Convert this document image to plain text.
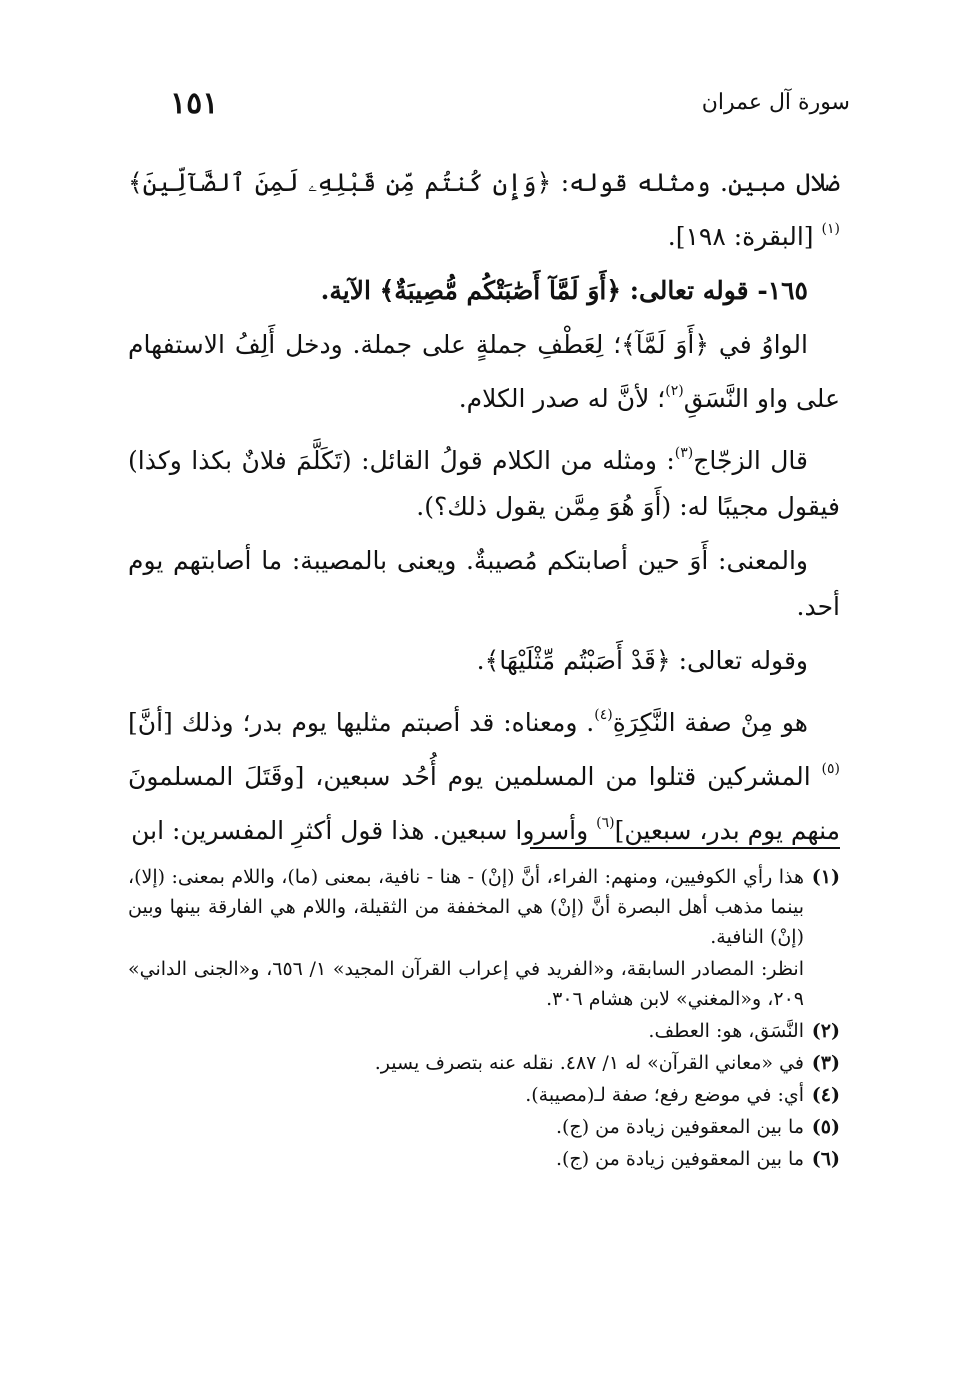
سورة آل عمران
١٥١

ضلال مبين. ومثله قوله: ﴿وَإِن كُنتُم مِّن قَبْلِهِۦ لَمِنَ ٱلضَّآلِّينَ﴾$^{(١)}$ [البقرة: ١٩٨].

١٦٥- قوله تعالى: ﴿أَوَ لَمَّآ أَصَٰبَتْكُم مُّصِيبَةٌ﴾ الآية.

الواوُ في ﴿أَوَ لَمَّآ﴾؛ لِعَطْفِ جملةٍ على جملة. ودخل أَلِفُ الاستفهام على واو النَّسَقِ$^{(٢)}$؛ لأنَّ له صدر الكلام.

قال الزجّاج$^{(٣)}$: ومثله من الكلام قولُ القائل: (تَكَلَّمَ فلانٌ بكذا وكذا) فيقول مجيبًا له: (أَوَ هُوَ مِمَّن يقول ذلك؟).

والمعنى: أَوَ حين أصابتكم مُصيبةٌ. ويعنى بالمصيبة: ما أصابتهم يوم أحد.

وقوله تعالى: ﴿قَدْ أَصَبْتُم مِّثْلَيْهَا﴾.

هو مِنْ صفة النَّكِرَةِ$^{(٤)}$. ومعناه: قد أصبتم مثليها يوم بدر؛ وذلك [أنَّ]$^{(٥)}$ المشركين قتلوا من المسلمين يوم أُحُد سبعين، [وقَتَلَ المسلمونَ منهم يوم بدر، سبعين]$^{(٦)}$ وأسروا سبعين. هذا قول أكثرِ المفسرين: ابن

(١)
هذا رأي الكوفيين، ومنهم: الفراء، أنَّ (إنْ) - هنا - نافية، بمعنى (ما)، واللام بمعنى: (إلا)، بينما مذهب أهل البصرة أنَّ (إنْ) هي المخففة من الثقيلة، واللام هي الفارقة بينها وبين (إنْ) النافية.
انظر: المصادر السابقة، و«الفريد في إعراب القرآن المجيد» ١/ ٦٥٦، و«الجنى الداني» ٢٠٩، و«المغني» لابن هشام ٣٠٦.
(٢)
النَّسَق، هو: العطف.
(٣)
في «معاني القرآن» له ١/ ٤٨٧. نقله عنه بتصرف يسير.
(٤)
أي: في موضع رفع؛ صفة لـ(مصيبة).
(٥)
ما بين المعقوفين زيادة من (ج).
(٦)
ما بين المعقوفين زيادة من (ج).
